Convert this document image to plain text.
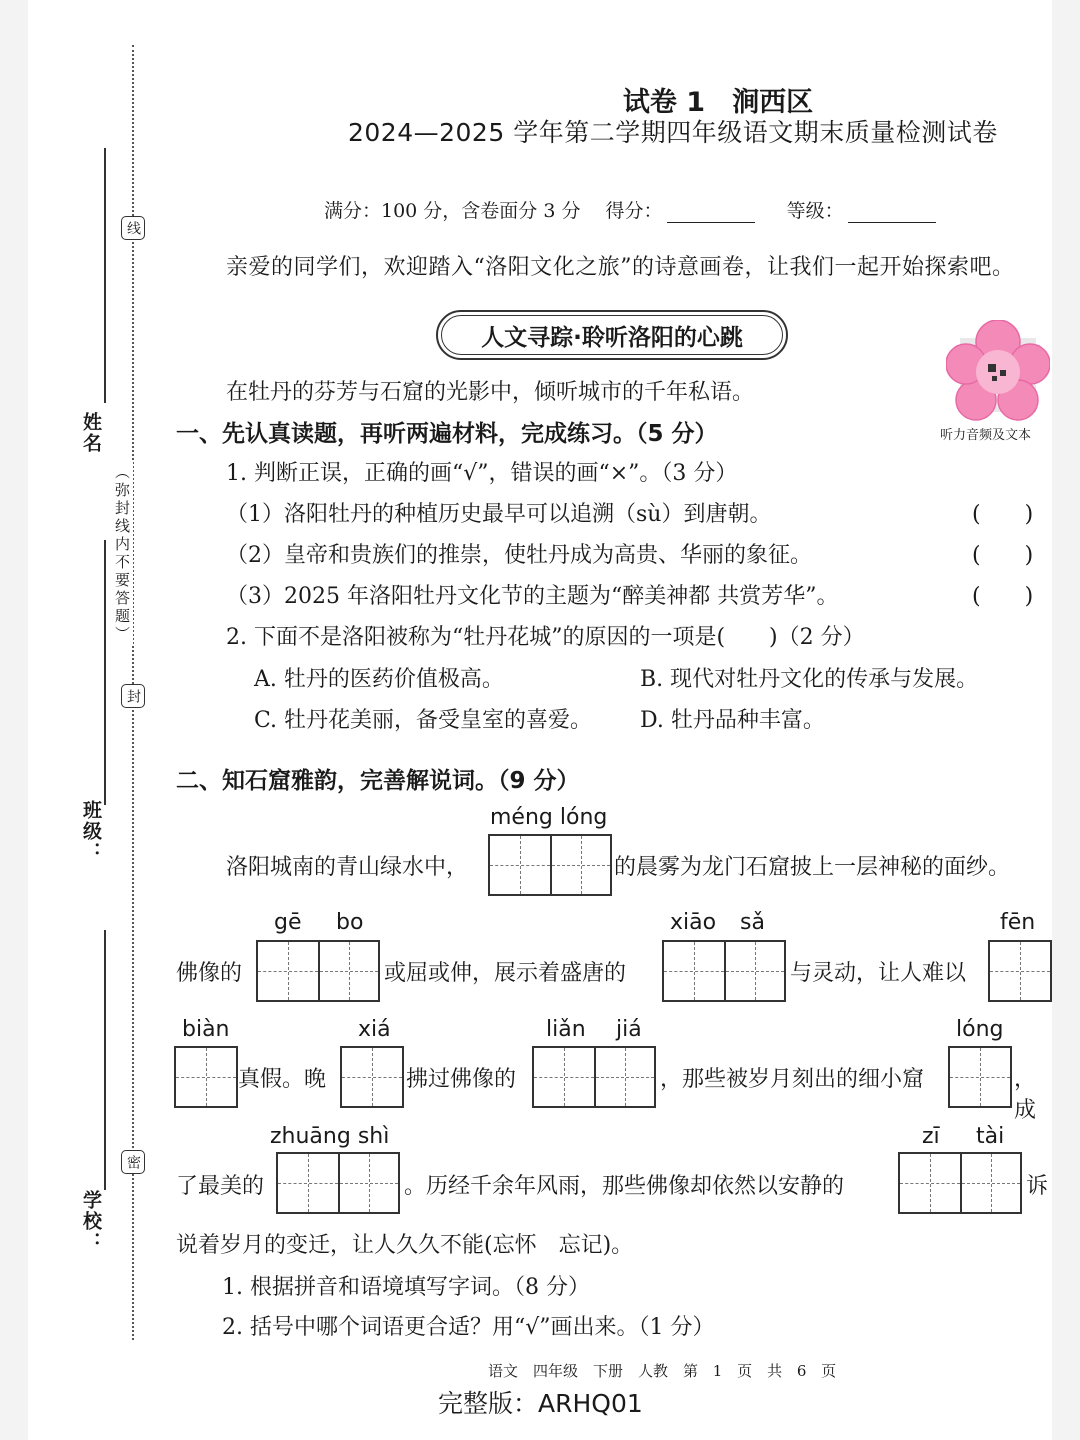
线
封
密
（弥封线内不要答题）
姓名
班级：
学校：
试卷 1　涧西区
2024—2025 学年第二学期四年级语文期末质量检测试卷
满分：100 分，含卷面分 3 分　 得分：	等级：
亲爱的同学们，欢迎踏入“洛阳文化之旅”的诗意画卷，让我们一起开始探索吧。
人文寻踪·聆听洛阳的心跳
听力音频及文本
在牡丹的芬芳与石窟的光影中，倾听城市的千年私语。
一、先认真读题，再听两遍材料，完成练习。（5 分）
1. 判断正误，正确的画“√”，错误的画“×”。（3 分）
（1）洛阳牡丹的种植历史最早可以追溯（sù）到唐朝。	(　　)
（2）皇帝和贵族们的推崇，使牡丹成为高贵、华丽的象征。	(　　)
（3）2025 年洛阳牡丹文化节的主题为“醉美神都 共赏芳华”。	(　　)
2. 下面不是洛阳被称为“牡丹花城”的原因的一项是(　　)（2 分）
A. 牡丹的医药价值极高。	B. 现代对牡丹文化的传承与发展。
C. 牡丹花美丽，备受皇室的喜爱。 D. 牡丹品种丰富。
二、知石窟雅韵，完善解说词。（9 分）
méng lóng
洛阳城南的青山绿水中，	的晨雾为龙门石窟披上一层神秘的面纱。
gē bo	xiāo sǎ	fēn
佛像的	或屈或伸，展示着盛唐的	与灵动，让人难以
biàn	xiá	liǎn jiá	lóng
真假。晚	拂过佛像的	，那些被岁月刻出的细小窟	，成
zhuāng shì	zī tài
了最美的	。历经千余年风雨，那些佛像却依然以安静的	诉
说着岁月的变迁，让人久久不能(忘怀　忘记)。
1. 根据拼音和语境填写字词。（8 分）
2. 括号中哪个词语更合适？用“√”画出来。（1 分）
语文　四年级　下册　人教　第 1 页　共 6 页
完整版：ARHQ01
